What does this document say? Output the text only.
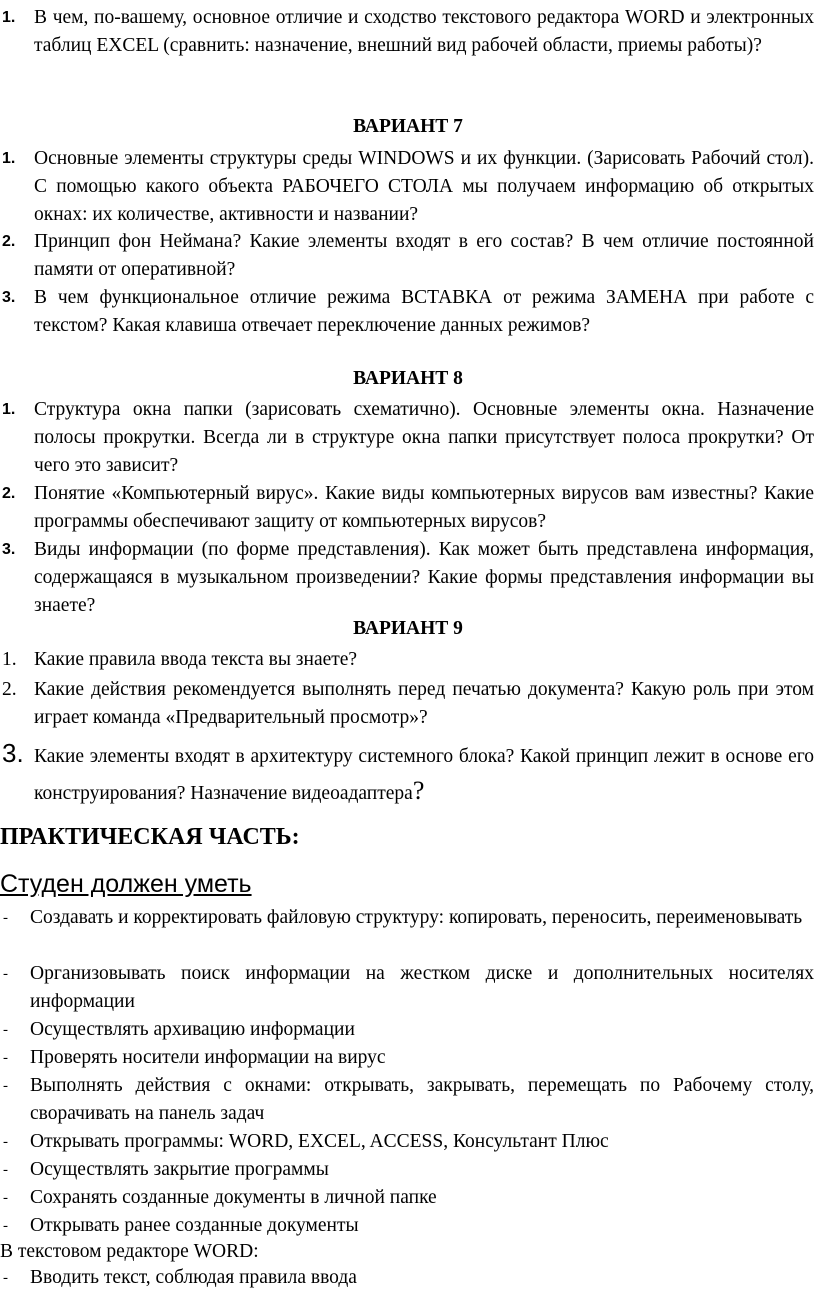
1. В чем, по-вашему, основное отличие и сходство текстового редактора WORD и электронных таблиц EXCEL (сравнить: назначение, внешний вид рабочей области, приемы работы)?
ВАРИАНТ 7
1. Основные элементы структуры среды WINDOWS и их функции. (Зарисовать Рабочий стол). С помощью какого объекта РАБОЧЕГО СТОЛА мы получаем информацию об открытых окнах: их количестве, активности и названии?
2. Принцип фон Неймана? Какие элементы входят в его состав? В чем отличие постоянной памяти от оперативной?
3. В чем функциональное отличие режима ВСТАВКА от режима ЗАМЕНА при работе с текстом? Какая клавиша отвечает переключение данных режимов?
ВАРИАНТ 8
1. Структура окна папки (зарисовать схематично). Основные элементы окна. Назначение полосы прокрутки. Всегда ли в структуре окна папки присутствует полоса прокрутки? От чего это зависит?
2. Понятие «Компьютерный вирус». Какие виды компьютерных вирусов вам известны? Какие программы обеспечивают защиту от компьютерных вирусов?
3. Виды информации (по форме представления). Как может быть представлена информация, содержащаяся в музыкальном произведении? Какие формы представления информации вы знаете?
ВАРИАНТ 9
1. Какие правила ввода текста вы знаете?
2. Какие действия рекомендуется выполнять перед печатью документа? Какую роль при этом играет команда «Предварительный просмотр»?
3. Какие элементы входят в архитектуру системного блока? Какой принцип лежит в основе его конструирования? Назначение видеоадаптера?
ПРАКТИЧЕСКАЯ ЧАСТЬ:
Студен должен уметь
- Создавать и корректировать файловую структуру: копировать, переносить, переименовывать
- Организовывать поиск информации на жестком диске и дополнительных носителях информации
- Осуществлять архивацию информации
- Проверять носители информации на вирус
- Выполнять действия с окнами: открывать, закрывать, перемещать по Рабочему столу, сворачивать на панель задач
- Открывать программы: WORD, EXCEL, ACCESS, Консультант Плюс
- Осуществлять закрытие программы
- Сохранять созданные документы в личной папке
- Открывать ранее созданные документы
В текстовом редакторе WORD:
- Вводить текст, соблюдая правила ввода
